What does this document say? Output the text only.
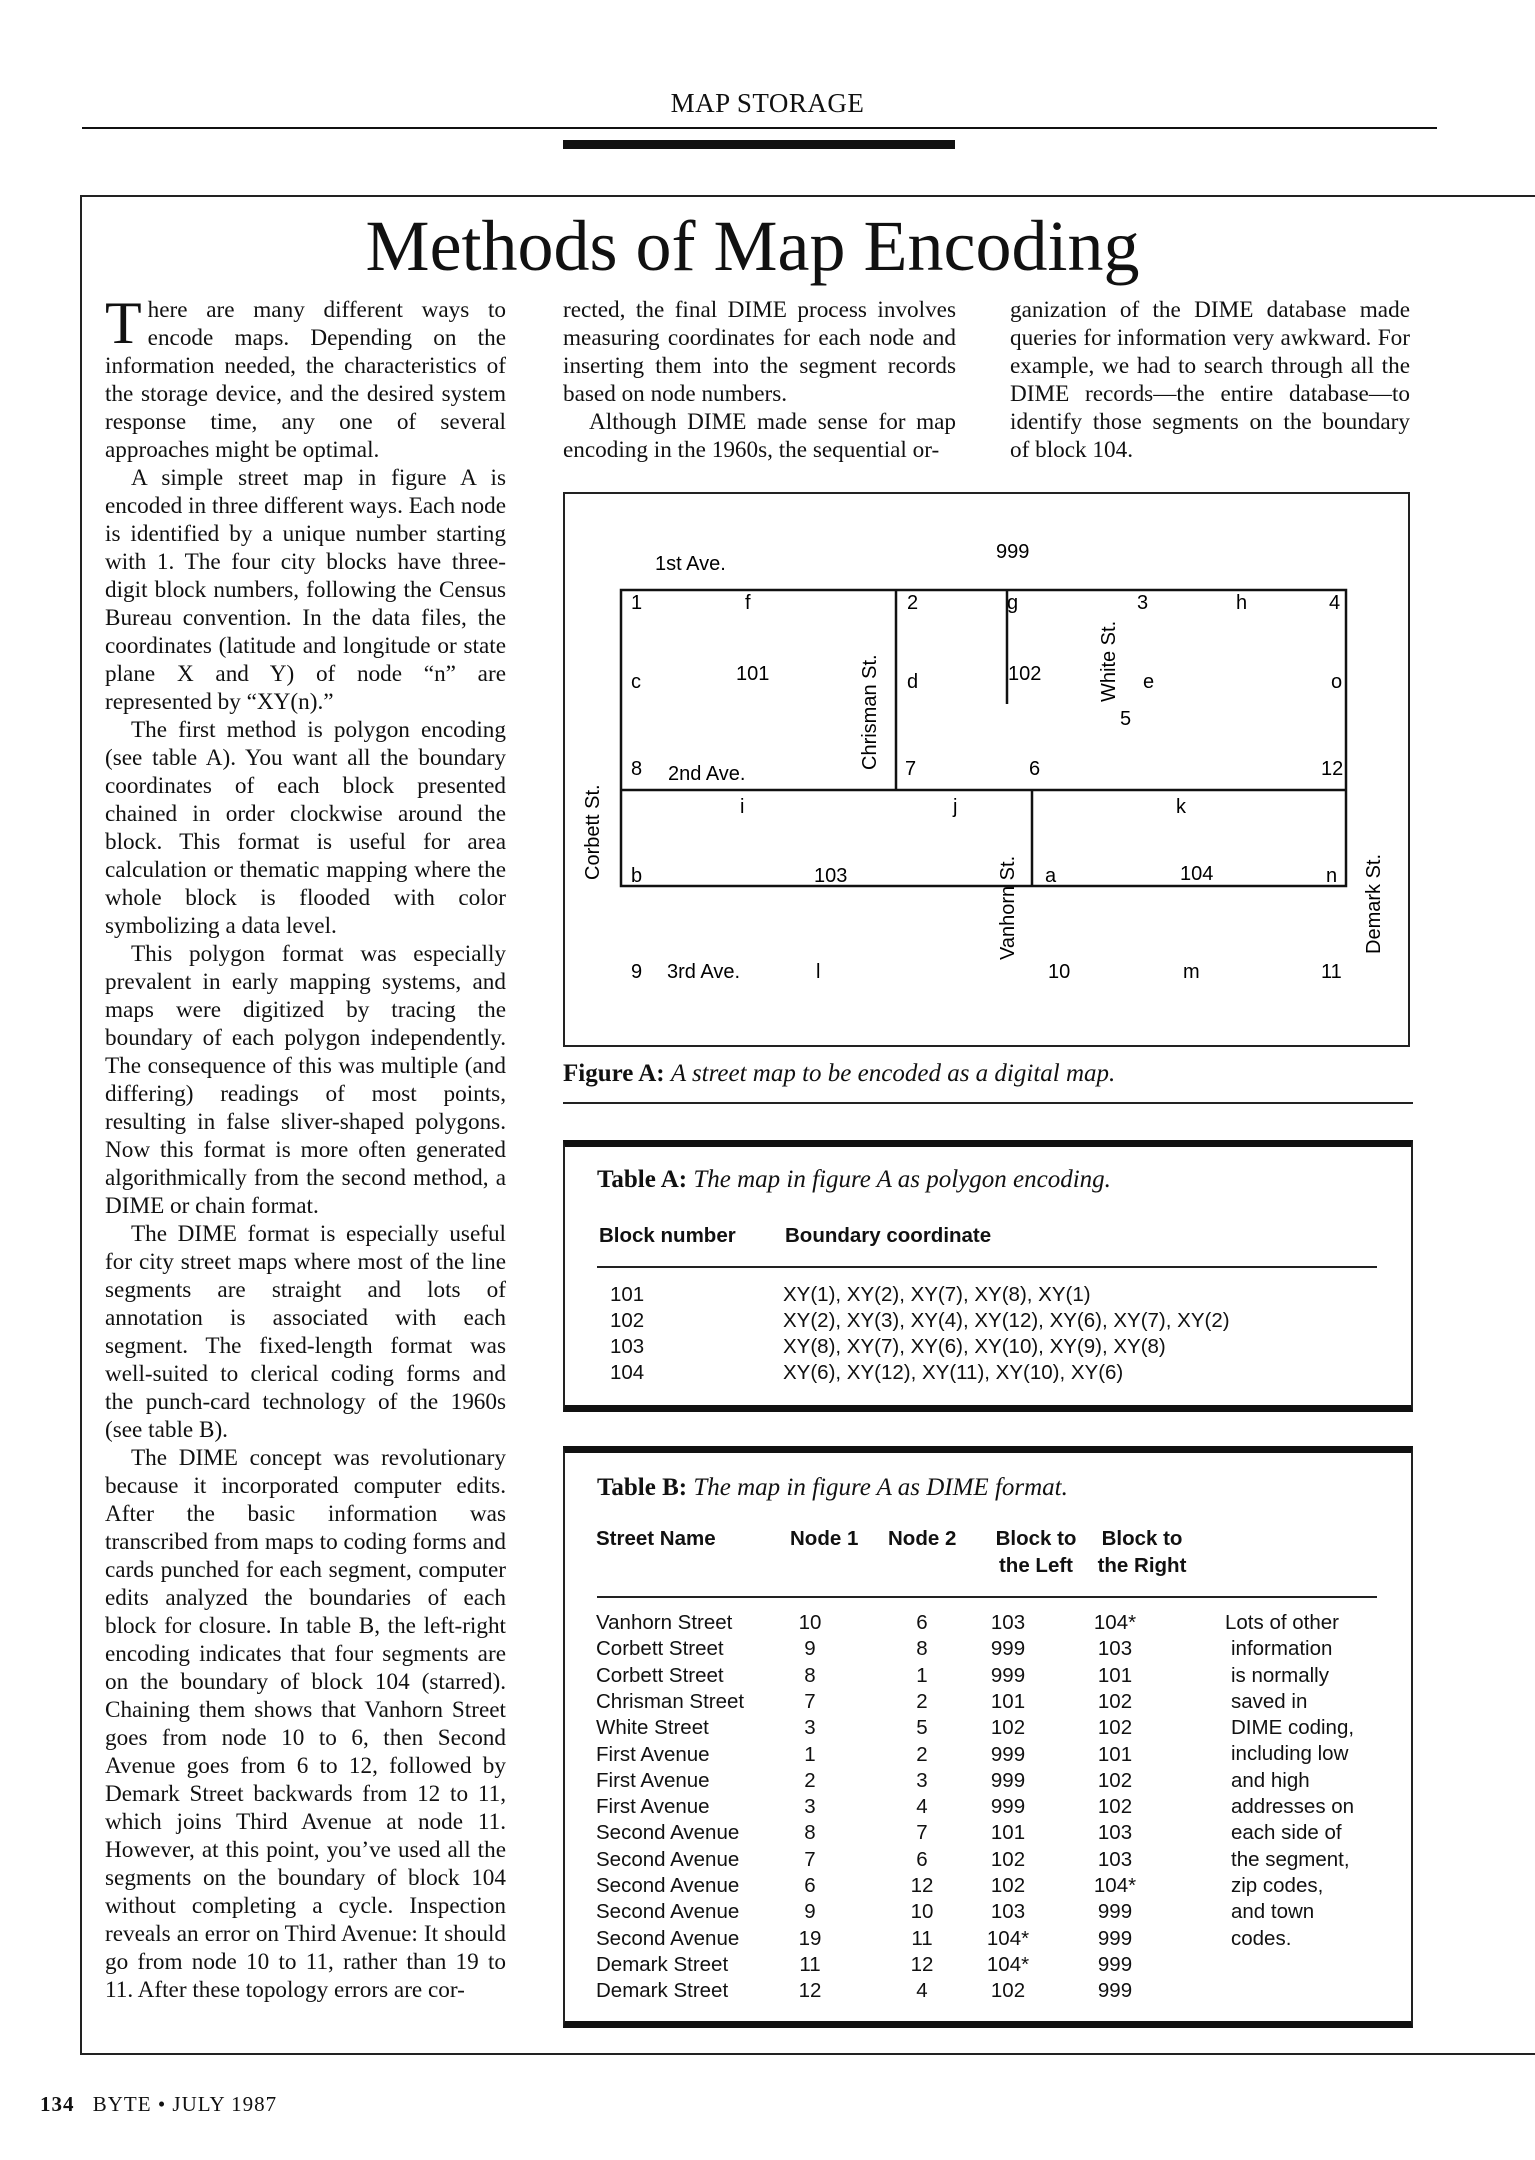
MAP STORAGE
Methods of Map Encoding

There are many different ways to encode maps. Depending on the information needed, the characteristics of the storage device, and the desired system response time, any one of several approaches might be optimal.

A simple street map in figure A is encoded in three different ways. Each node is identified by a unique number starting with 1. The four city blocks have three-digit block numbers, following the Census Bureau convention. In the data files, the coordinates (latitude and longitude or state plane X and Y) of node “n” are represented by “XY(n).”

The first method is polygon encoding (see table A). You want all the boundary coordinates of each block presented chained in order clockwise around the block. This format is useful for area calculation or thematic mapping where the whole block is flooded with color symbolizing a data level.

This polygon format was especially prevalent in early mapping systems, and maps were digitized by tracing the boundary of each polygon independently. The consequence of this was multiple (and differing) readings of most points, resulting in false sliver-shaped polygons. Now this format is more often generated algorithmically from the second method, a DIME or chain format.

The DIME format is especially useful for city street maps where most of the line segments are straight and lots of annotation is associated with each segment. The fixed-length format was well-suited to clerical coding forms and the punch-card technology of the 1960s (see table B).

The DIME concept was revolutionary because it incorporated computer edits. After the basic information was transcribed from maps to coding forms and cards punched for each segment, computer edits analyzed the boundaries of each block for closure. In table B, the left-right encoding indicates that four segments are on the boundary of block 104 (starred). Chaining them shows that Vanhorn Street goes from node 10 to 6, then Second Avenue goes from 6 to 12, followed by Demark Street backwards from 12 to 11, which joins Third Avenue at node 11. However, at this point, you’ve used all the segments on the boundary of block 104 without completing a cycle. Inspection reveals an error on Third Avenue: It should go from node 10 to 11, rather than 19 to 11. After these topology errors are cor-

rected, the final DIME process involves measuring coordinates for each node and inserting them into the segment records based on node numbers.

Although DIME made sense for map encoding in the 1960s, the sequential or-

ganization of the DIME database made queries for information very awkward. For example, we had to search through all the DIME records—the entire database—to identify those segments on the boundary of block 104.

1st Ave.
2nd Ave.
3rd Ave.
Corbett St.
Chrisman St.	White St.
Vanhorn St.	Demark St.
999
101	102
103	104
1	2	3	4
5
6
7
8
9	10	11
12
f	g	h
c	d	e	o
i	j	k
b	a	n
l	m
Figure A: A street map to be encoded as a digital map.
Table A: The map in figure A as polygon encoding.
Block number Boundary coordinate
101	XY(1), XY(2), XY(7), XY(8), XY(1)
102	XY(2), XY(3), XY(4), XY(12), XY(6), XY(7), XY(2)
103	XY(8), XY(7), XY(6), XY(10), XY(9), XY(8)
104	XY(6), XY(12), XY(11), XY(10), XY(6)
Table B: The map in figure A as DIME format.
Street Name	Node 1 Node 2	Block to the Left
Block to the Right
Vanhorn Street	10	6	103	104*
Corbett Street	9	8	999	103
Corbett Street	8	1	999	101
Chrisman Street	7	2	101	102
White Street	3	5	102	102
First Avenue	1	2	999	101
First Avenue	2	3	999	102
First Avenue	3	4	999	102
Second Avenue	8	7	101	103
Second Avenue	7	6	102	103
Second Avenue	6	12	102	104*
Second Avenue	9	10	103	999
Second Avenue	19	11	104*	999
Demark Street	11	12	104*	999
Demark Street	12	4	102	999
Lots of other
information
is normally
saved in
DIME coding,
including low
and high
addresses on
each side of
the segment,
zip codes,
and town
codes.
134 BYTE • JULY 1987
